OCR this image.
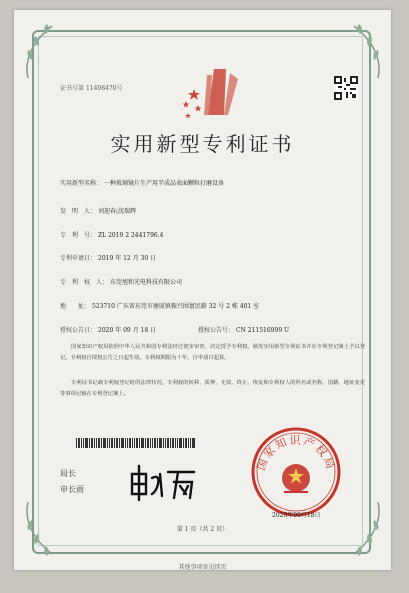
证书号第 11498470号
实用新型专利证书
实用新型名称： 一种玻璃镜片生产用半成品表面颗粒打磨设备
发　明　人： 刘迎春;沈瑞辉
专　利　号： ZL 2019 2 2441796.4
专利申请日： 2019 年 12 月 30 日
专　利　权　人： 东莞旭和光电科技有限公司
地　　址： 523710 广东省东莞市塘厦镇振兴围富民路 32 号 2 栋 401 室
授权公告日： 2020 年 09 月 18 日	授权公告号： CN 211516999 U
国家知识产权局依照中华人民共和国专利法经过初步审查，决定授予专利权，颁发实用新型专利证书并在专利登记簿上予以登记。专利权自授权公告之日起生效。专利权期限为十年，自申请日起算。
专利证书记载专利权登记时的法律状况。专利权的转移、质押、无效、终止、恢复和专利权人的姓名或名称、国籍、地址变更等事项记载在专利登记簿上。
局长
申长雨
国家知识产权局
2020年09月18日
第 1 页（共 2 页）
其他事项参见续页
